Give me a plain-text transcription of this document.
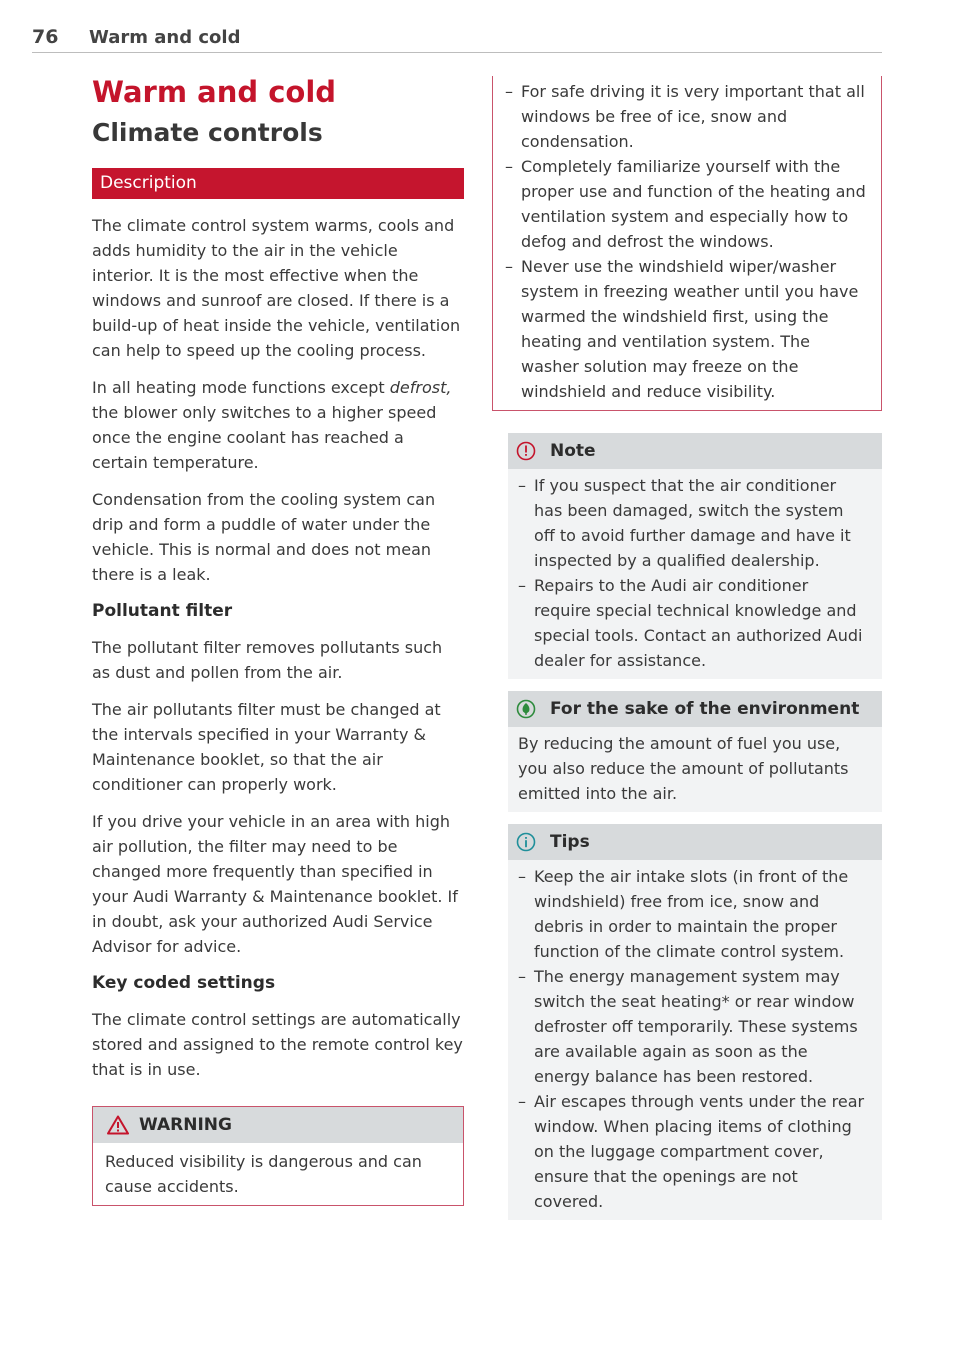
76 Warm and cold
Warm and cold
Climate controls
Description

The climate control system warms, cools and adds humidity to the air in the vehicle interior. It is the most effective when the windows and sunroof are closed. If there is a build-up of heat inside the vehicle, ventilation can help to speed up the cooling process.

In all heating mode functions except defrost, the blower only switches to a higher speed once the engine coolant has reached a certain temperature.

Condensation from the cooling system can drip and form a puddle of water under the vehicle. This is normal and does not mean there is a leak.

Pollutant filter

The pollutant filter removes pollutants such as dust and pollen from the air.

The air pollutants filter must be changed at the intervals specified in your Warranty & Maintenance booklet, so that the air conditioner can properly work.

If you drive your vehicle in an area with high air pollution, the filter may need to be changed more frequently than specified in your Audi Warranty & Maintenance booklet. If in doubt, ask your authorized Audi Service Advisor for advice.

Key coded settings

The climate control settings are automatically stored and assigned to the remote control key that is in use.

WARNING
Reduced visibility is dangerous and can cause accidents.
– For safe driving it is very important that all windows be free of ice, snow and condensation.
– Completely familiarize yourself with the proper use and function of the heating and ventilation system and especially how to defog and defrost the windows.
– Never use the windshield wiper/washer system in freezing weather until you have warmed the windshield first, using the heating and ventilation system. The washer solution may freeze on the windshield and reduce visibility.
Note
– If you suspect that the air conditioner has been damaged, switch the system off to avoid further damage and have it inspected by a qualified dealership.
– Repairs to the Audi air conditioner require special technical knowledge and special tools. Contact an authorized Audi dealer for assistance.
For the sake of the environment

By reducing the amount of fuel you use, you also reduce the amount of pollutants emitted into the air.

Tips
– Keep the air intake slots (in front of the windshield) free from ice, snow and debris in order to maintain the proper function of the climate control system.
– The energy management system may switch the seat heating* or rear window defroster off temporarily. These systems are available again as soon as the energy balance has been restored.
– Air escapes through vents under the rear window. When placing items of clothing on the luggage compartment cover, ensure that the openings are not covered.
